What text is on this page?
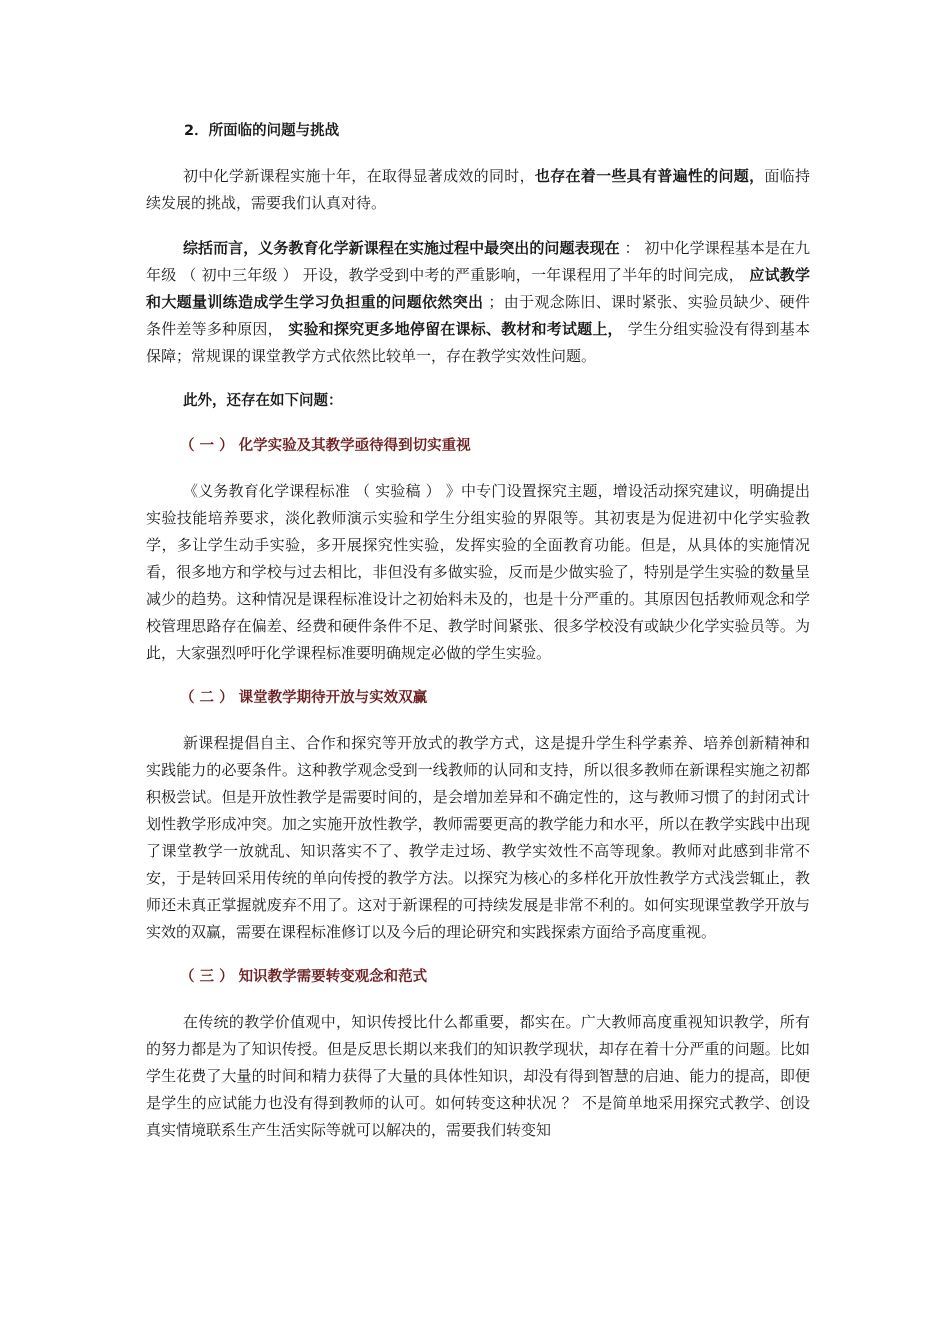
2．所面临的问题与挑战

初中化学新课程实施十年，在取得显著成效的同时，也存在着一些具有普遍性的问题，面临持续发展的挑战，需要我们认真对待。

综括而言，义务教育化学新课程在实施过程中最突出的问题表现在 ： 初中化学课程基本是在九年级 （ 初中三年级 ） 开设，教学受到中考的严重影响，一年课程用了半年的时间完成， 应试教学和大题量训练造成学生学习负担重的问题依然突出 ；由于观念陈旧、课时紧张、实验员缺少、硬件条件差等多种原因， 实验和探究更多地停留在课标、教材和考试题上， 学生分组实验没有得到基本保障；常规课的课堂教学方式依然比较单一，存在教学实效性问题。

此外，还存在如下问题：
（ 一 ） 化学实验及其教学亟待得到切实重视

《义务教育化学课程标准 （ 实验稿 ） 》中专门设置探究主题，增设活动探究建议，明确提出实验技能培养要求，淡化教师演示实验和学生分组实验的界限等。其初衷是为促进初中化学实验教学，多让学生动手实验，多开展探究性实验，发挥实验的全面教育功能。但是，从具体的实施情况看，很多地方和学校与过去相比，非但没有多做实验，反而是少做实验了，特别是学生实验的数量呈减少的趋势。这种情况是课程标准设计之初始料未及的，也是十分严重的。其原因包括教师观念和学校管理思路存在偏差、经费和硬件条件不足、教学时间紧张、很多学校没有或缺少化学实验员等。为此，大家强烈呼吁化学课程标准要明确规定必做的学生实验。

（ 二 ） 课堂教学期待开放与实效双赢

新课程提倡自主、合作和探究等开放式的教学方式，这是提升学生科学素养、培养创新精神和实践能力的必要条件。这种教学观念受到一线教师的认同和支持，所以很多教师在新课程实施之初都积极尝试。但是开放性教学是需要时间的，是会增加差异和不确定性的，这与教师习惯了的封闭式计划性教学形成冲突。加之实施开放性教学，教师需要更高的教学能力和水平，所以在教学实践中出现了课堂教学一放就乱、知识落实不了、教学走过场、教学实效性不高等现象。教师对此感到非常不安，于是转回采用传统的单向传授的教学方法。以探究为核心的多样化开放性教学方式浅尝辄止，教师还未真正掌握就废弃不用了。这对于新课程的可持续发展是非常不利的。如何实现课堂教学开放与实效的双赢，需要在课程标准修订以及今后的理论研究和实践探索方面给予高度重视。

（ 三 ） 知识教学需要转变观念和范式

在传统的教学价值观中，知识传授比什么都重要，都实在。广大教师高度重视知识教学，所有的努力都是为了知识传授。但是反思长期以来我们的知识教学现状，却存在着十分严重的问题。比如学生花费了大量的时间和精力获得了大量的具体性知识，却没有得到智慧的启迪、能力的提高，即便是学生的应试能力也没有得到教师的认可。如何转变这种状况 ？ 不是简单地采用探究式教学、创设真实情境联系生产生活实际等就可以解决的，需要我们转变知
